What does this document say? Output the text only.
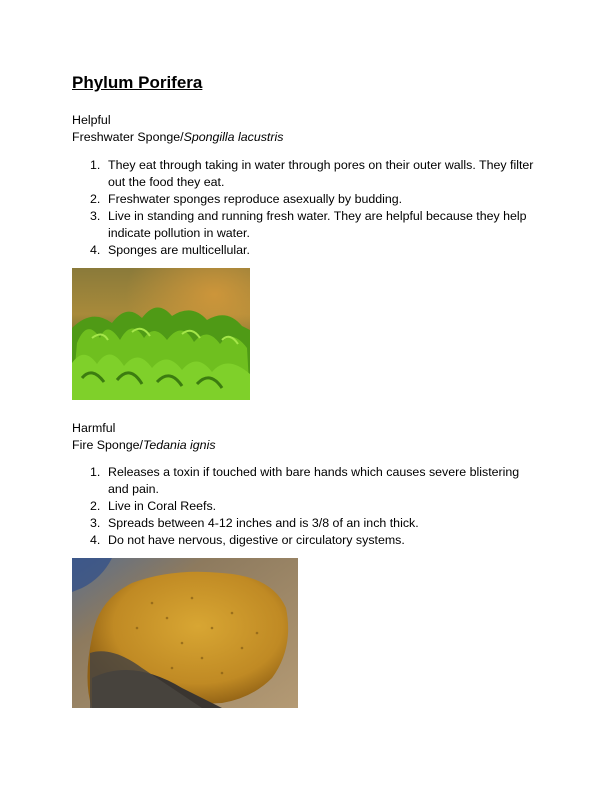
Phylum Porifera
Helpful
Freshwater Sponge/Spongilla lacustris
1. They eat through taking in water through pores on their outer walls. They filter out the food they eat.
2. Freshwater sponges reproduce asexually by budding.
3. Live in standing and running fresh water. They are helpful because they help indicate pollution in water.
4. Sponges are multicellular.
Harmful
Fire Sponge/Tedania ignis
1. Releases a toxin if touched with bare hands which causes severe blistering and pain.
2. Live in Coral Reefs.
3. Spreads between 4-12 inches and is 3/8 of an inch thick.
4. Do not have nervous, digestive or circulatory systems.
